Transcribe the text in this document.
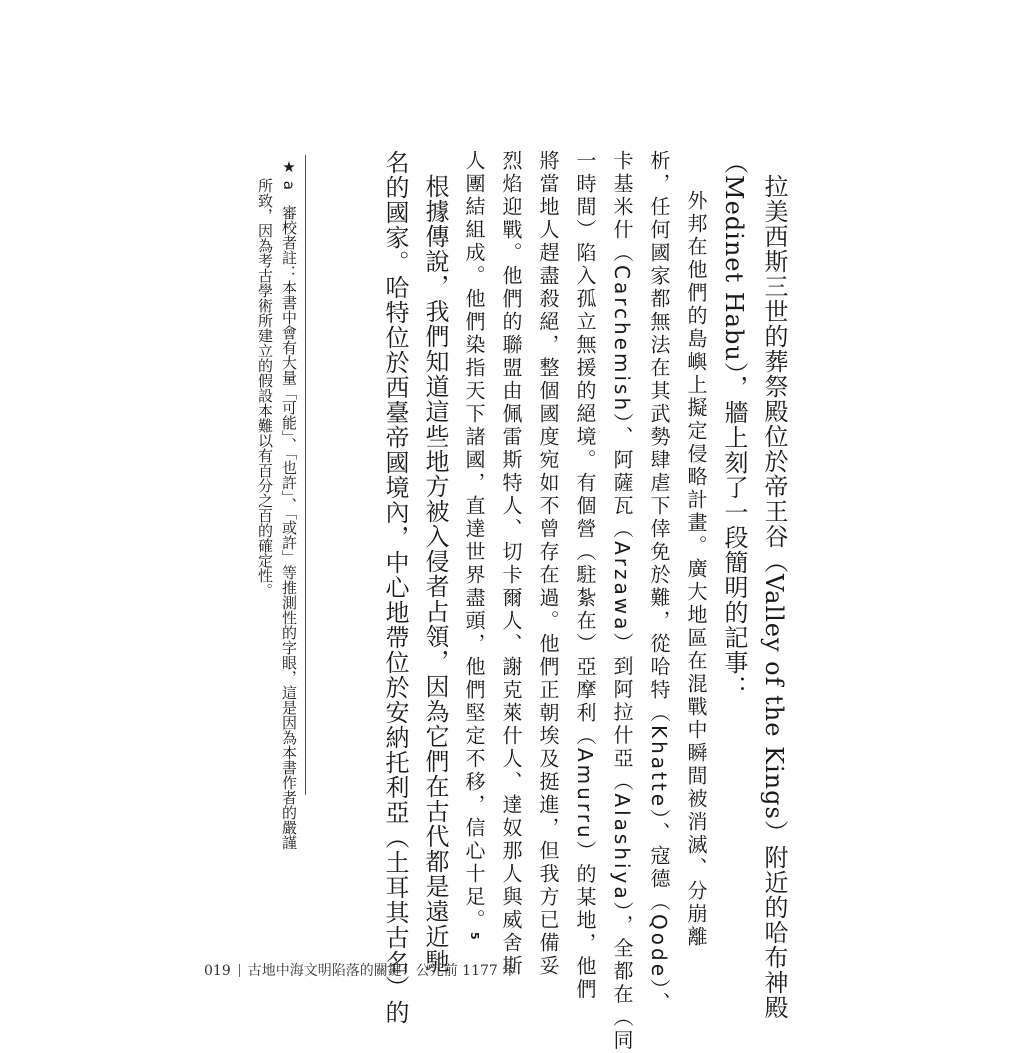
拉美西斯三世的葬祭殿位於帝王谷（Valley of the Kings）附近的哈布神殿
（Medinet Habu），牆上刻了一段簡明的記事：
外邦在他們的島嶼上擬定侵略計畫。廣大地區在混戰中瞬間被消滅、分崩離
析，任何國家都無法在其武勢肆虐下倖免於難，從哈特（Khatte）、寇德（Qode）、
卡基米什（Carchemish）、阿薩瓦（Arzawa）到阿拉什亞（Alashiya），全都在（同
一時間）陷入孤立無援的絕境。有個營（駐紮在）亞摩利（Amurru）的某地，他們
將當地人趕盡殺絕，整個國度宛如不曾存在過。他們正朝埃及挺進，但我方已備妥
烈焰迎戰。他們的聯盟由佩雷斯特人、切卡爾人、謝克萊什人、達奴那人與威舍斯
人團結組成。他們染指天下諸國，直達世界盡頭，他們堅定不移，信心十足。5
根據傳說，我們知道這些地方被入侵者占領，因為它們在古代都是遠近馳
名的國家。哈特位於西臺帝國境內，中心地帶位於安納托利亞（土耳其古名）的
★ a　審校者註：本書中會有大量「可能」、「也許」、「或許」等推測性的字眼，這是因為本書作者的嚴謹
所致，因為考古學術所建立的假設本難以有百分之百的確定性。
019 古地中海文明陷落的關鍵：公元前 1177 年
